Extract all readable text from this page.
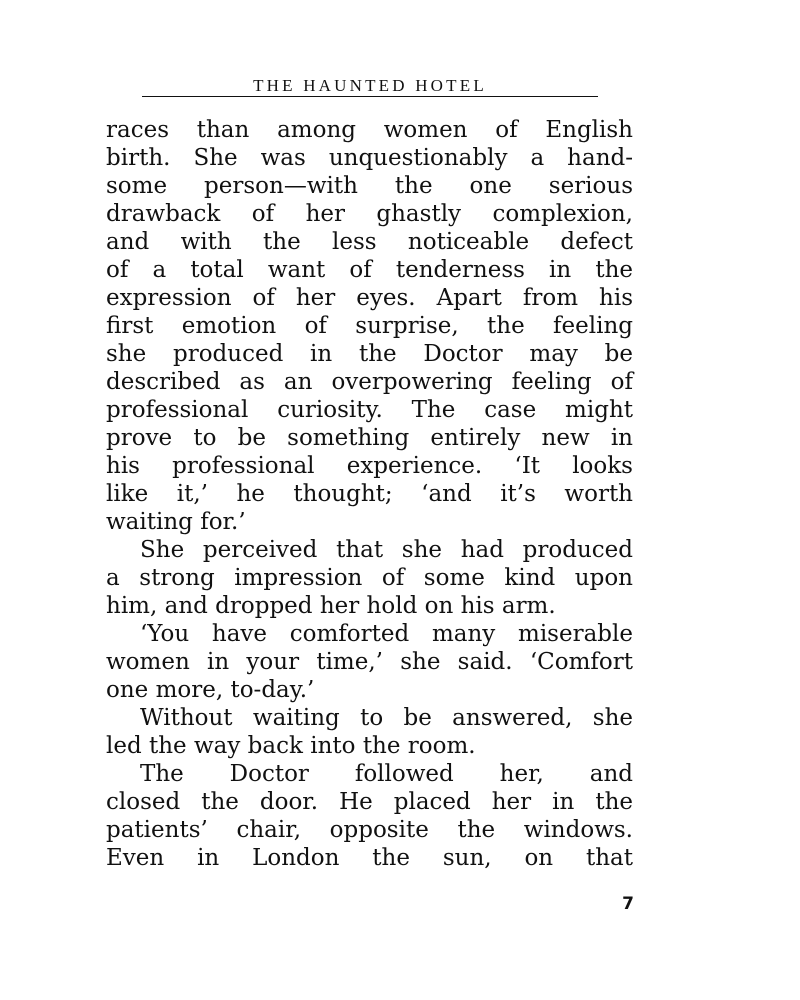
THE HAUNTED HOTEL
races than among women of English
birth. She was unquestionably a hand-
some person—with the one serious
drawback of her ghastly complexion,
and with the less noticeable defect
of a total want of tenderness in the
expression of her eyes. Apart from his
first emotion of surprise, the feeling
she produced in the Doctor may be
described as an overpowering feeling of
professional curiosity. The case might
prove to be something entirely new in
his professional experience. ‘It looks
like it,’ he thought; ‘and it’s worth
waiting for.’
She perceived that she had produced
a strong impression of some kind upon
him, and dropped her hold on his arm.
‘You have comforted many miserable
women in your time,’ she said. ‘Comfort
one more, to-day.’
Without waiting to be answered, she
led the way back into the room.
The Doctor followed her, and
closed the door. He placed her in the
patients’ chair, opposite the windows.
Even in London the sun, on that
7
